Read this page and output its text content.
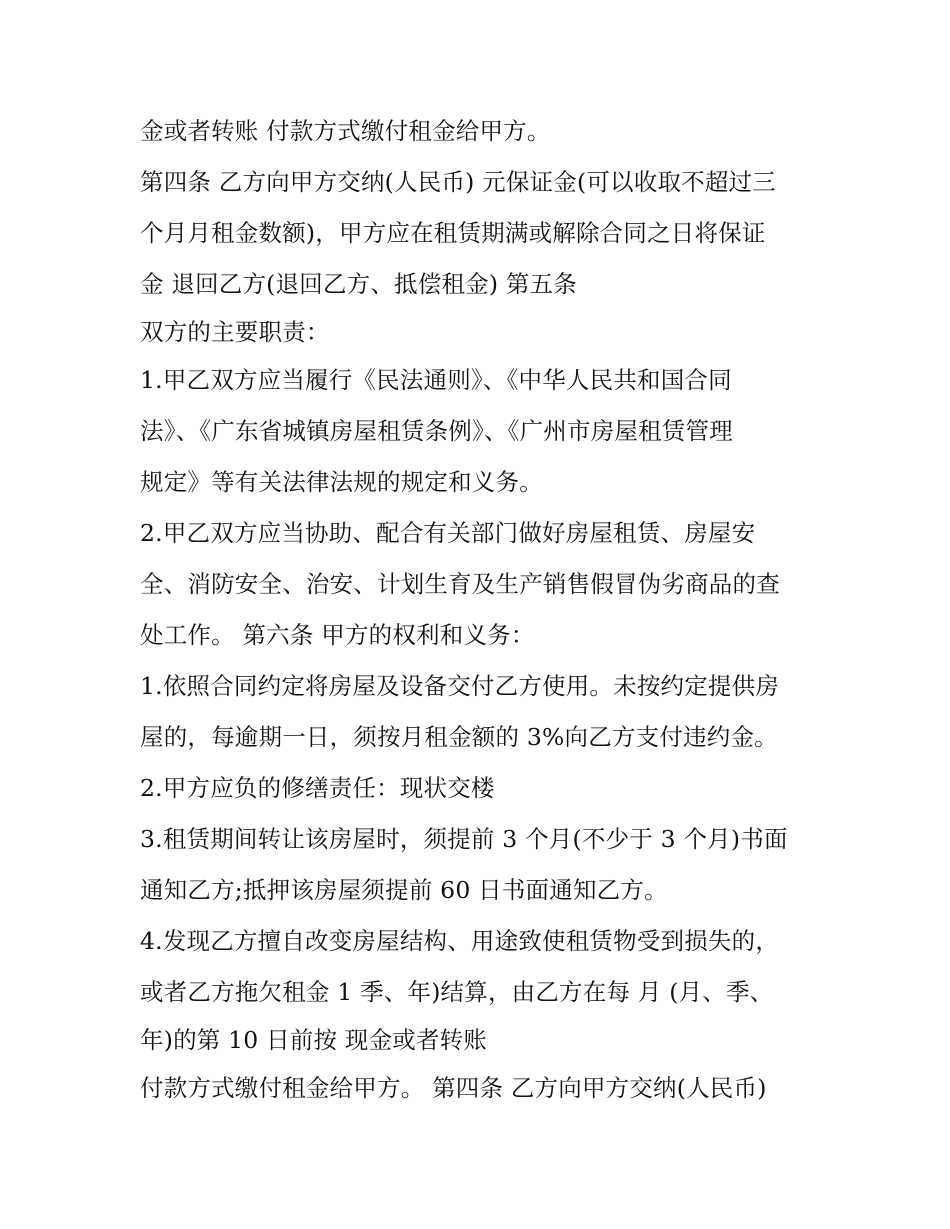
金或者转账 付款方式缴付租金给甲方。
第四条 乙方向甲方交纳(人民币) 元保证金(可以收取不超过三
个月月租金数额)，甲方应在租赁期满或解除合同之日将保证
金 退回乙方(退回乙方、抵偿租金) 第五条
双方的主要职责：
1.甲乙双方应当履行《民法通则》、《中华人民共和国合同
法》、《广东省城镇房屋租赁条例》、《广州市房屋租赁管理
规定》等有关法律法规的规定和义务。
2.甲乙双方应当协助、配合有关部门做好房屋租赁、房屋安
全、消防安全、治安、计划生育及生产销售假冒伪劣商品的查
处工作。 第六条 甲方的权利和义务：
1.依照合同约定将房屋及设备交付乙方使用。未按约定提供房
屋的，每逾期一日，须按月租金额的 3%向乙方支付违约金。
2.甲方应负的修缮责任：现状交楼
3.租赁期间转让该房屋时，须提前 3 个月(不少于 3 个月)书面
通知乙方;抵押该房屋须提前 60 日书面通知乙方。
4.发现乙方擅自改变房屋结构、用途致使租赁物受到损失的，
或者乙方拖欠租金 1 季、年)结算，由乙方在每 月 (月、季、
年)的第 10 日前按 现金或者转账
付款方式缴付租金给甲方。 第四条 乙方向甲方交纳(人民币)
